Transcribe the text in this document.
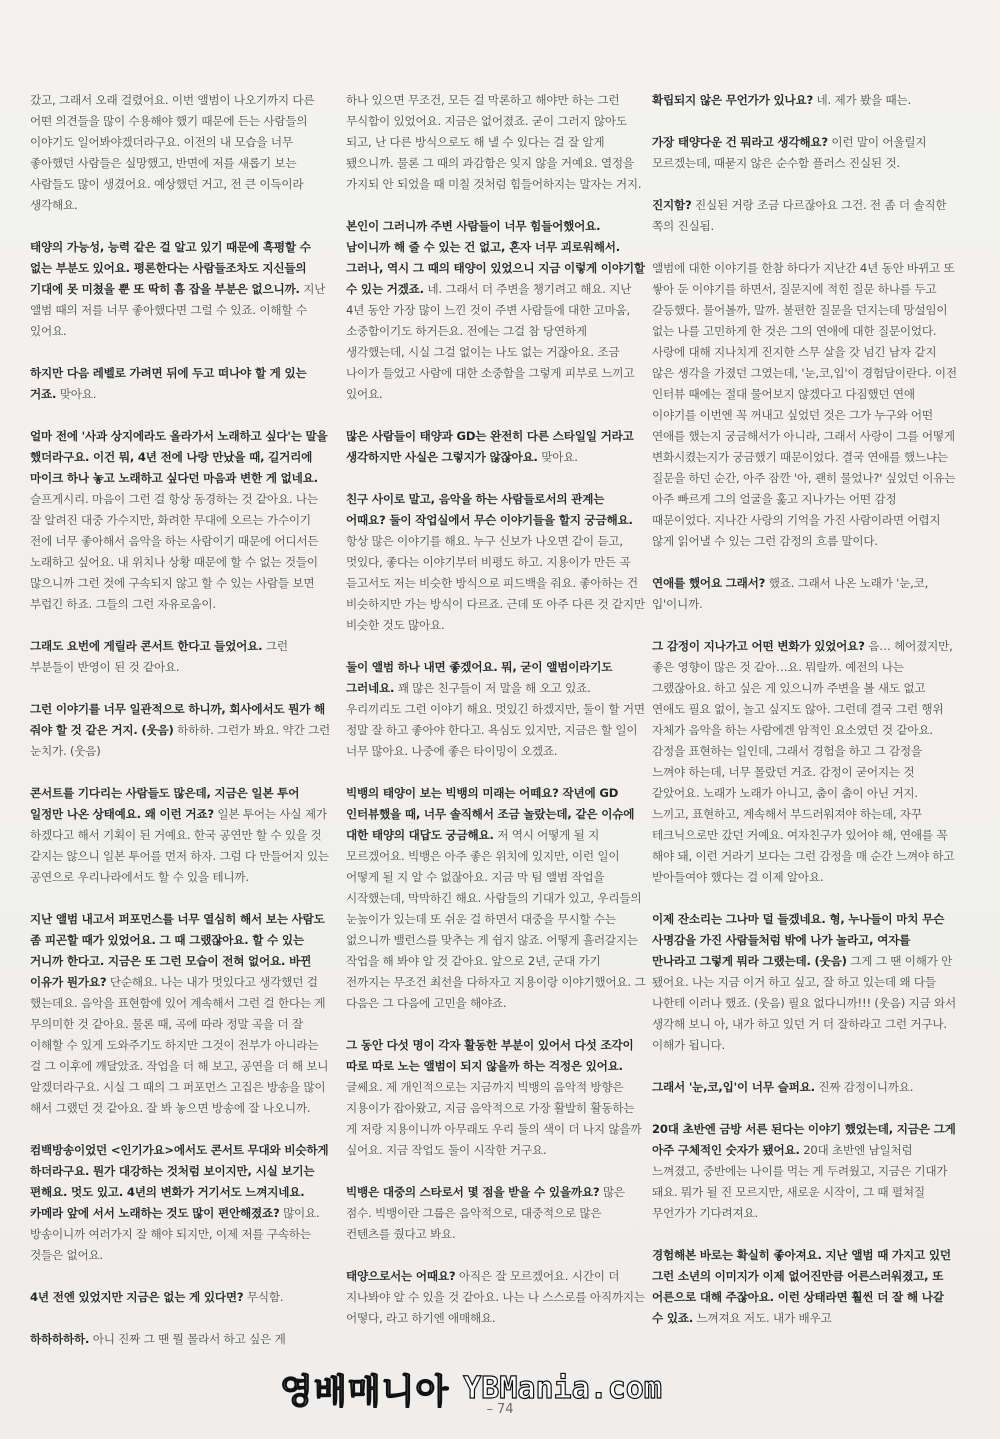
갔고, 그래서 오래 걸렸어요. 이번 앨범이 나오기까지 다른 어떤 의견들을 많이 수용해야 했기 때문에 든는 사람들의 이야기도 일어봐야겠더라구요. 이전의 내 모습을 너무 좋아했던 사람들은 실망했고, 반면에 저를 새롭기 보는 사람들도 많이 생겼어요. 예상했던 거고, 전 큰 이득이라 생각해요.

태양의 가능성, 능력 같은 걸 알고 있기 때문에 흑평할 수 없는 부분도 있어요. 평론한다는 사람들조차도 지신들의 기대에 못 미쳤을 뿐 또 딱히 흠 잡을 부분은 없으니까. 지난 앨범 때의 저를 너무 좋아했다면 그럴 수 있죠. 이해할 수 있어요.

하지만 다음 레벨로 가려면 뒤에 두고 떠나야 할 게 있는 거죠. 맞아요.

얼마 전에 '사과 상지에라도 올라가서 노래하고 싶다'는 말을 했더라구요. 이건 뭐, 4년 전에 나랑 만났을 때, 길거리에 마이크 하나 놓고 노래하고 싶다던 마음과 변한 게 없네요. 슬프게시리. 마음이 그런 걸 항상 동경하는 것 같아요. 나는 잘 알려진 대중 가수지만, 화려한 무대에 오르는 가수이기 전에 너무 좋아해서 음악을 하는 사람이기 때문에 어디서든 노래하고 싶어요. 내 위치나 상황 때문에 할 수 없는 것들이 많으니까 그런 것에 구속되지 않고 할 수 있는 사람들 보면 부럽긴 하죠. 그들의 그런 자유로움이.

그래도 요번에 게릴라 콘서트 한다고 들었어요. 그런 부분들이 반영이 된 것 같아요.

그런 이야기를 너무 일관적으로 하니까, 회사에서도 뭔가 해 줘야 할 것 같은 거지. (웃음) 하하하. 그런가 봐요. 약간 그런 눈치가. (웃음)

콘서트를 기다리는 사람들도 많은데, 지금은 일본 투어 일정만 나온 상태예요. 왜 이런 거죠? 일본 투어는 사실 제가 하겠다고 해서 기획이 된 거예요. 한국 공연만 할 수 있을 것 같지는 않으니 일본 투어를 먼저 하자. 그럼 다 만들어지 있는 공연으로 우리나라에서도 할 수 있을 테니까.

지난 앨범 내고서 퍼포먼스를 너무 열심히 해서 보는 사람도 좀 피곤할 때가 있었어요. 그 때 그랬잖아요. 할 수 있는 거니까 한다고. 지금은 또 그런 모습이 전혀 없어요. 바뀐 이유가 뭔가요? 단순해요. 나는 내가 멋있다고 생각했던 걸 했는데요. 음악을 표현함에 있어 계속해서 그런 걸 한다는 게 무의미한 것 같아요. 물론 때, 곡에 따라 정말 곡을 더 잘 이해할 수 있게 도와주기도 하지만 그것이 전부가 아니라는 걸 그 이후에 깨달았죠. 작업을 더 해 보고, 공연을 더 해 보니 알겠더라구요. 시실 그 때의 그 퍼포먼스 고집은 방송을 많이 해서 그랬던 것 같아요. 잘 봐 놓으면 방송에 잘 나오니까.

컴백방송이었던 <인기가요>에서도 콘서트 무대와 비슷하게 하더라구요. 뭔가 대강하는 것처럼 보이지만, 시실 보기는 편해요. 멋도 있고. 4년의 변화가 거기서도 느껴지네요. 카메라 앞에 서서 노래하는 것도 많이 편안해졌죠? 많이요. 방송이니까 여러가지 잘 해야 되지만, 이제 저를 구속하는 것들은 없어요.

4년 전엔 있었지만 지금은 없는 게 있다면? 무식함.

하하하하하. 아니 진짜 그 땐 뭘 몰라서 하고 싶은 게

하나 있으면 무조건, 모든 걸 막론하고 해야만 하는 그런 무식함이 있었어요. 지금은 없어졌죠. 굳이 그러지 않아도 되고, 난 다른 방식으로도 해 낼 수 있다는 걸 잘 알게 됐으니까. 물론 그 때의 과감함은 잊지 않을 거예요. 열정을 가지되 안 되었을 때 미칠 것처럼 힘들어하지는 말자는 거지.

본인이 그러니까 주변 사람들이 너무 힘들어했어요. 남이니까 해 줄 수 있는 건 없고, 혼자 너무 괴로워해서. 그러나, 역시 그 때의 태양이 있었으니 지금 이렇게 이야기할 수 있는 거겠죠. 네. 그래서 더 주변을 챙기려고 해요. 지난 4년 동안 가장 많이 느낀 것이 주변 사람들에 대한 고마움, 소중함이기도 하거든요. 전에는 그걸 참 당연하게 생각했는데, 시실 그걸 없이는 나도 없는 거잖아요. 조금 나이가 들었고 사람에 대한 소중함을 그렇게 피부로 느끼고 있어요.

많은 사람들이 태양과 GD는 완전히 다른 스타일일 거라고 생각하지만 사실은 그렇지가 않잖아요. 맞아요.

친구 사이로 말고, 음악을 하는 사람들로서의 관계는 어때요? 둘이 작업실에서 무슨 이야기들을 할지 궁금해요. 항상 많은 이야기를 해요. 누구 신보가 나오면 같이 듣고, 멋있다, 좋다는 이야기부터 비평도 하고. 지용이가 만든 곡 듣고서도 저는 비슷한 방식으로 피드백을 줘요. 좋아하는 건 비슷하지만 가는 방식이 다르죠. 근데 또 아주 다른 것 같지만 비슷한 것도 많아요.

둘이 앨범 하나 내면 좋겠어요. 뭐, 굳이 앨범이라기도 그러네요. 꽤 많은 친구들이 저 말을 해 오고 있죠. 우리끼리도 그런 이야기 해요. 멋있긴 하겠지만, 둘이 할 거면 정말 잘 하고 좋아야 한다고. 욕심도 있지만, 지금은 할 일이 너무 많아요. 나중에 좋은 타이밍이 오겠죠.

빅뱅의 태양이 보는 빅뱅의 미래는 어떼요? 작년에 GD 인터뷰했을 때, 너무 솔직해서 조금 놀랐는데, 같은 이슈에 대한 태양의 대답도 궁금해요. 저 역시 어떻게 될 지 모르겠어요. 빅뱅은 아주 좋은 위치에 있지만, 이런 일이 어떻게 될 지 알 수 없잖아요. 지금 막 팀 앨범 작업을 시작했는데, 막막하긴 해요. 사람들의 기대가 있고, 우리들의 눈높이가 있는데 또 쉬운 걸 하면서 대중을 무시할 수는 없으니까 밸런스를 맞추는 게 쉽지 않죠. 어떻게 흘러갈지는 작업을 해 봐야 알 것 같아요. 앞으로 2년, 군대 가기 전까지는 무조건 최선을 다하자고 지용이랑 이야기했어요. 그 다음은 그 다음에 고민을 해야죠.

그 동안 다섯 명이 각자 활동한 부분이 있어서 다섯 조각이 따로 따로 노는 앨범이 되지 않을까 하는 걱정은 있어요. 글쎄요. 제 개인적으로는 지금까지 빅뱅의 음악적 방향은 지용이가 잡아왔고, 지금 음악적으로 가장 활발히 활동하는 게 저랑 지용이니까 아무래도 우리 둘의 색이 더 나지 않을까 싶어요. 지금 작업도 둘이 시작한 거구요.

빅뱅은 대중의 스타로서 몇 점을 받을 수 있을까요? 많은 점수. 빅뱅이란 그룹은 음악적으로, 대중적으로 많은 컨텐츠를 줬다고 봐요.

태양으로서는 어때요? 아직은 잘 모르겠어요. 시간이 더 지나봐야 알 수 있을 것 같아요. 나는 나 스스로를 아직까지는 어떻다, 라고 하기엔 애매해요.

확립되지 않은 무언가가 있나요? 네. 제가 봤을 때는.

가장 태양다운 건 뭐라고 생각해요? 이런 말이 어울릴지 모르겠는데, 때묻지 않은 순수함 플러스 진실된 것.

진지함? 진실된 거랑 조금 다르잖아요 그건. 전 좀 더 솔직한 쪽의 진실됨.

앨범에 대한 이야기를 한참 하다가 지난간 4년 동안 바뀌고 또 쌓아 둔 이야기를 하면서, 질문지에 적힌 질문 하나를 두고 갈등했다. 물어볼까, 말까. 불편한 질문을 던지는데 망설임이 없는 나를 고민하게 한 것은 그의 연애에 대한 질문이었다. 사랑에 대해 지나치게 진지한 스무 살을 갓 넘긴 남자 같지 않은 생각을 가졌던 그였는데, '눈,코,입'이 경험담이란다. 이전 인터뷰 때에는 절대 물어보지 않겠다고 다짐했던 연애 이야기를 이번엔 꼭 꺼내고 싶었던 것은 그가 누구와 어떤 연애를 했는지 궁금해서가 아니라, 그래서 사랑이 그를 어떻게 변화시켰는지가 궁금했기 때문이었다. 결국 연애를 했느냐는 질문을 하던 순간, 아주 잠깐 '아, 괜히 물었나?' 싶었던 이유는 아주 빠르게 그의 얼굴을 훑고 지나가는 어떤 감정 때문이었다. 지나간 사랑의 기억을 가진 사람이라면 어렵지 않게 읽어낼 수 있는 그런 감정의 흐름 말이다.

연애를 했어요 그래서? 했죠. 그래서 나온 노래가 '눈,코,입'이니까.

그 감정이 지나가고 어떤 변화가 있었어요? 음… 헤어졌지만, 좋은 영향이 많은 것 같아…요. 뭐랄까. 예전의 나는 그랬잖아요. 하고 싶은 게 있으니까 주변을 볼 새도 없고 연애도 필요 없이, 놀고 싶지도 않아. 그런데 결국 그런 행위 자체가 음악을 하는 사람에겐 암적인 요소였던 것 같아요. 감정을 표현하는 일인데, 그래서 경험을 하고 그 감정을 느껴야 하는데, 너무 몰랐던 거죠. 감정이 굳어지는 것 같았어요. 노래가 노래가 아니고, 춤이 춤이 아닌 거지. 느끼고, 표현하고, 계속해서 부드러워져야 하는데, 자꾸 테크닉으로만 갔던 거예요. 여자친구가 있어야 해, 연애를 꼭 해야 돼, 이런 거라기 보다는 그런 감정을 매 순간 느껴야 하고 받아들여야 했다는 걸 이제 알아요.

이제 잔소리는 그나마 덜 들겠네요. 형, 누나들이 마치 무슨 사명감을 가진 사람들처럼 밖에 나가 놀라고, 여자를 만나라고 그렇게 뭐라 그랬는데. (웃음) 그게 그 땐 이해가 안 됐어요. 나는 지금 이거 하고 싶고, 잘 하고 있는데 왜 다들 나한테 이러나 했죠. (웃음) 필요 없다니까!!! (웃음) 지금 와서 생각해 보니 아, 내가 하고 있던 거 더 잘하라고 그런 거구나. 이해가 됩니다.

그래서 '눈,코,입'이 너무 슬퍼요. 진짜 감정이니까요.

20대 초반엔 금방 서른 된다는 이야기 했었는데, 지금은 그게 아주 구체적인 숫자가 됐어요. 20대 초반엔 남일처럼 느껴졌고, 중반에는 나이를 먹는 게 두려웠고, 지금은 기대가 돼요. 뭐가 될 진 모르지만, 새로운 시작이, 그 때 펼쳐질 무언가가 기다려져요.

경험해본 바로는 확실히 좋아져요. 지난 앨범 때 가지고 있던 그런 소년의 이미지가 이제 없어진만큼 어른스러워졌고, 또 어른으로 대해 주잖아요. 이런 상태라면 훨씬 더 잘 해 나갈 수 있죠. 느껴져요 저도. 내가 배우고

영배매니아 YBMania.com
– 74
